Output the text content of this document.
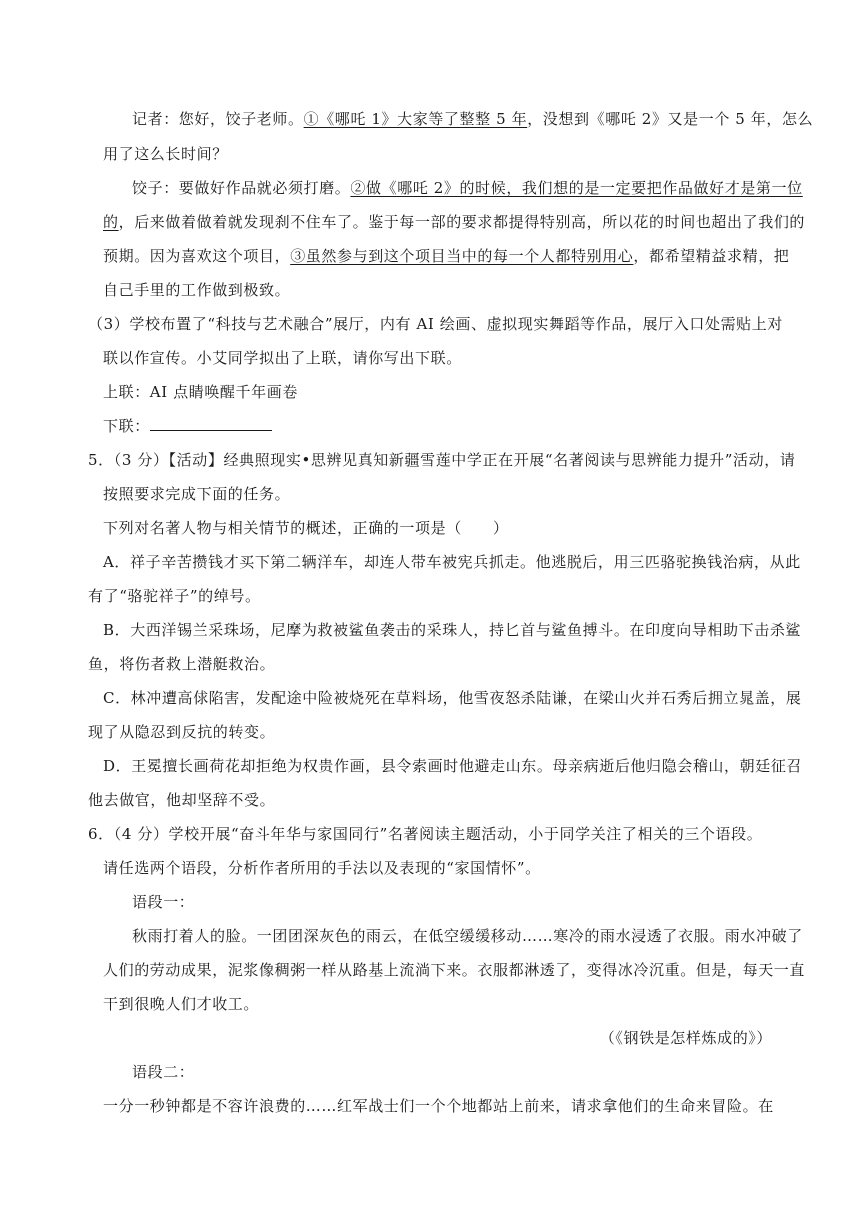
记者：您好，饺子老师。①《哪吒 1》大家等了整整 5 年，没想到《哪吒 2》又是一个 5 年，怎么
用了这么长时间？
饺子：要做好作品就必须打磨。②做《哪吒 2》的时候，我们想的是一定要把作品做好才是第一位
的，后来做着做着就发现刹不住车了。鉴于每一部的要求都提得特别高，所以花的时间也超出了我们的
预期。因为喜欢这个项目，③虽然参与到这个项目当中的每一个人都特别用心，都希望精益求精，把
自己手里的工作做到极致。
（3）学校布置了“科技与艺术融合”展厅，内有 AI 绘画、虚拟现实舞蹈等作品，展厅入口处需贴上对
联以作宣传。小艾同学拟出了上联，请你写出下联。
上联：AI 点睛唤醒千年画卷
下联：
5．（3 分）【活动】经典照现实•思辨见真知新疆雪莲中学正在开展“名著阅读与思辨能力提升”活动，请
按照要求完成下面的任务。
下列对名著人物与相关情节的概述，正确的一项是（　　）
A．祥子辛苦攒钱才买下第二辆洋车，却连人带车被宪兵抓走。他逃脱后，用三匹骆驼换钱治病，从此
有了“骆驼祥子”的绰号。
B．大西洋锡兰采珠场，尼摩为救被鲨鱼袭击的采珠人，持匕首与鲨鱼搏斗。在印度向导相助下击杀鲨
鱼，将伤者救上潜艇救治。
C．林冲遭高俅陷害，发配途中险被烧死在草料场，他雪夜怒杀陆谦，在梁山火并石秀后拥立晁盖，展
现了从隐忍到反抗的转变。
D．王冕擅长画荷花却拒绝为权贵作画，县令索画时他避走山东。母亲病逝后他归隐会稽山，朝廷征召
他去做官，他却坚辞不受。
6．（4 分）学校开展“奋斗年华与家国同行”名著阅读主题活动，小于同学关注了相关的三个语段。
请任选两个语段，分析作者所用的手法以及表现的“家国情怀”。
语段一：
秋雨打着人的脸。一团团深灰色的雨云，在低空缓缓移动……寒冷的雨水浸透了衣服。雨水冲破了
人们的劳动成果，泥浆像稠粥一样从路基上流淌下来。衣服都淋透了，变得冰冷沉重。但是，每天一直
干到很晚人们才收工。
（《钢铁是怎样炼成的》）
语段二：
一分一秒钟都是不容许浪费的……红军战士们一个个地都站上前来，请求拿他们的生命来冒险。在
